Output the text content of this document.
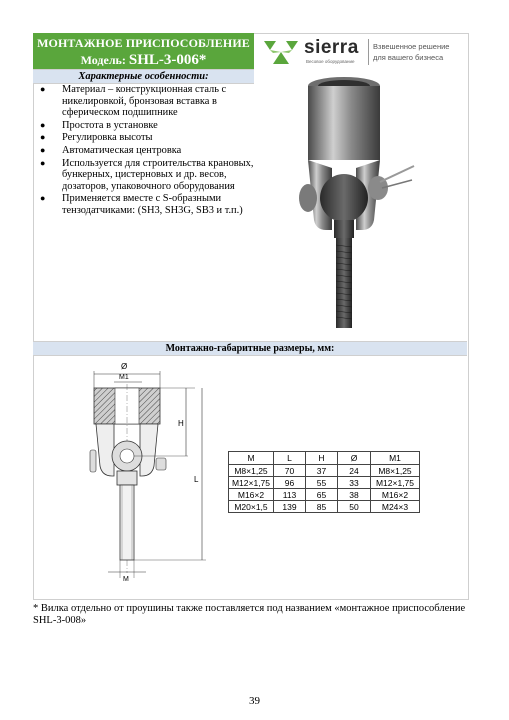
МОНТАЖНОЕ ПРИСПОСОБЛЕНИЕ
Модель: SHL-3-006*
sierra
Весовое оборудование
Взвешенное решение
для вашего бизнеса
Характерные особенности:
● Материал – конструкционная сталь с никелировкой, бронзовая вставка в сферическом подшипнике
● Простота в установке
● Регулировка высоты
● Автоматическая центровка
● Используется для строительства крановых, бункерных, цистерновых и др. весов, дозаторов, упаковочного оборудования
● Применяется вместе с S-образными тензодатчиками: (SH3, SH3G, SB3 и т.п.)
Монтажно-габаритные размеры, мм:
Ø
M1
H
L
M
M	L	H	Ø	M1
M8×1,25	70	37	24	M8×1,25
M12×1,75	96	55	33	M12×1,75
M16×2	113	65	38	M16×2
M20×1,5	139	85	50	M24×3
* Вилка отдельно от проушины также поставляется под названием «монтажное приспособление SHL-3-008»
39
